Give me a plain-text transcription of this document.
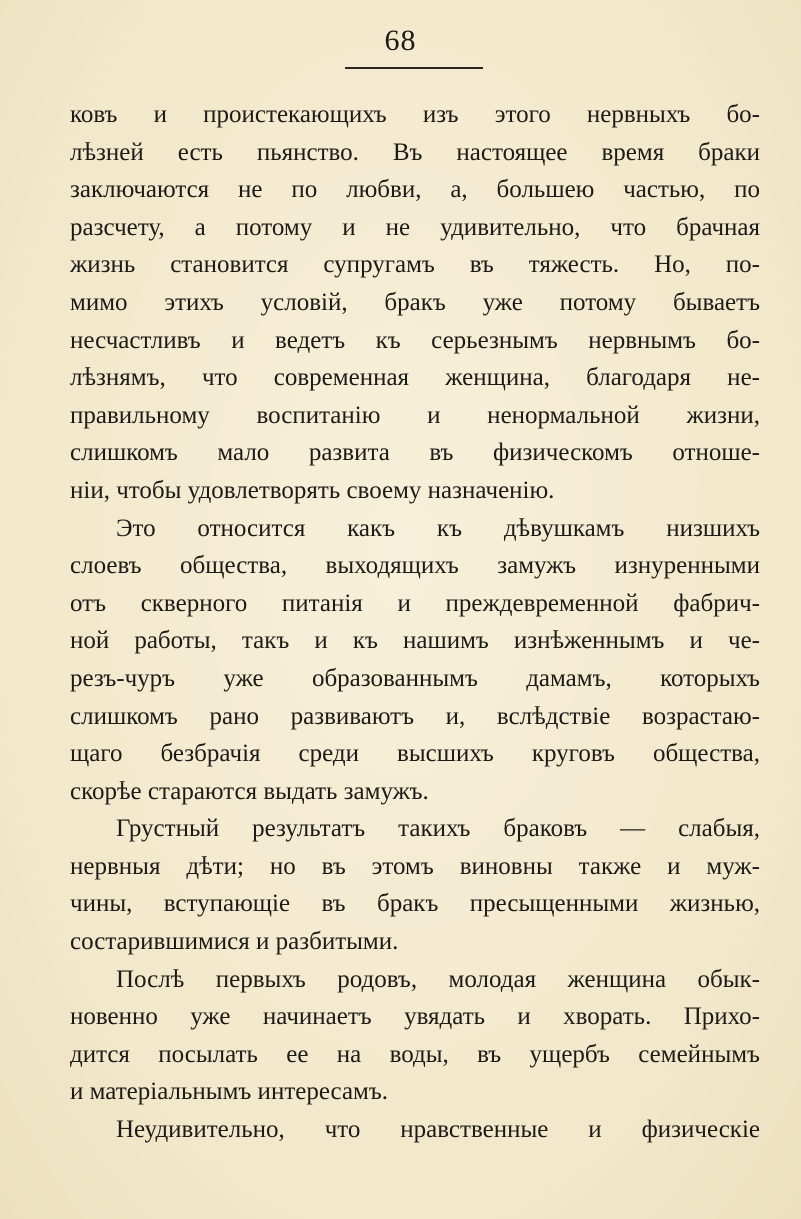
68
ковъ и проистекающихъ изъ этого нервныхъ бо-
лѣзней есть пьянство. Въ настоящее время браки
заключаются не по любви, а, большею частью, по
разсчету, а потому и не удивительно, что брачная
жизнь становится супругамъ въ тяжесть. Но, по-
мимо этихъ условій, бракъ уже потому бываетъ
несчастливъ и ведетъ къ серьезнымъ нервнымъ бо-
лѣзнямъ, что современная женщина, благодаря не-
правильному воспитанію и ненормальной жизни,
слишкомъ мало развита въ физическомъ отноше-
ніи, чтобы удовлетворять своему назначенію.
Это относится какъ къ дѣвушкамъ низшихъ
слоевъ общества, выходящихъ замужъ изнуренными
отъ скверного питанія и преждевременной фабрич-
ной работы, такъ и къ нашимъ изнѣженнымъ и че-
резъ-чуръ уже образованнымъ дамамъ, которыхъ
слишкомъ рано развиваютъ и, вслѣдствіе возрастаю-
щаго безбрачія среди высшихъ круговъ общества,
скорѣе стараются выдать замужъ.
Грустный результатъ такихъ браковъ — слабыя,
нервныя дѣти; но въ этомъ виновны также и муж-
чины, вступающіе въ бракъ пресыщенными жизнью,
состарившимися и разбитыми.
Послѣ первыхъ родовъ, молодая женщина обык-
новенно уже начинаетъ увядать и хворать. Прихо-
дится посылать ее на воды, въ ущербъ семейнымъ
и матеріальнымъ интересамъ.
Неудивительно, что нравственные и физическіе
